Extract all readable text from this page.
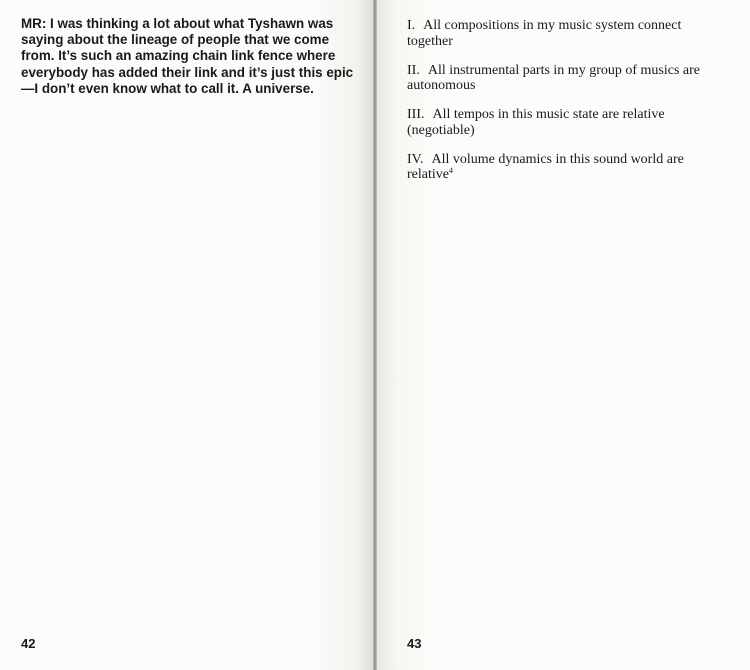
MR: I was thinking a lot about what Tyshawn was saying about the lineage of people that we come from. It’s such an amazing chain link fence where everybody has added their link and it’s just this epic—I don’t even know what to call it. A universe.

42
I. All compositions in my music system connect together
II. All instrumental parts in my group of musics are autonomous
III. All tempos in this music state are relative (negotiable)
IV. All volume dynamics in this sound world are relative$^4$
43
